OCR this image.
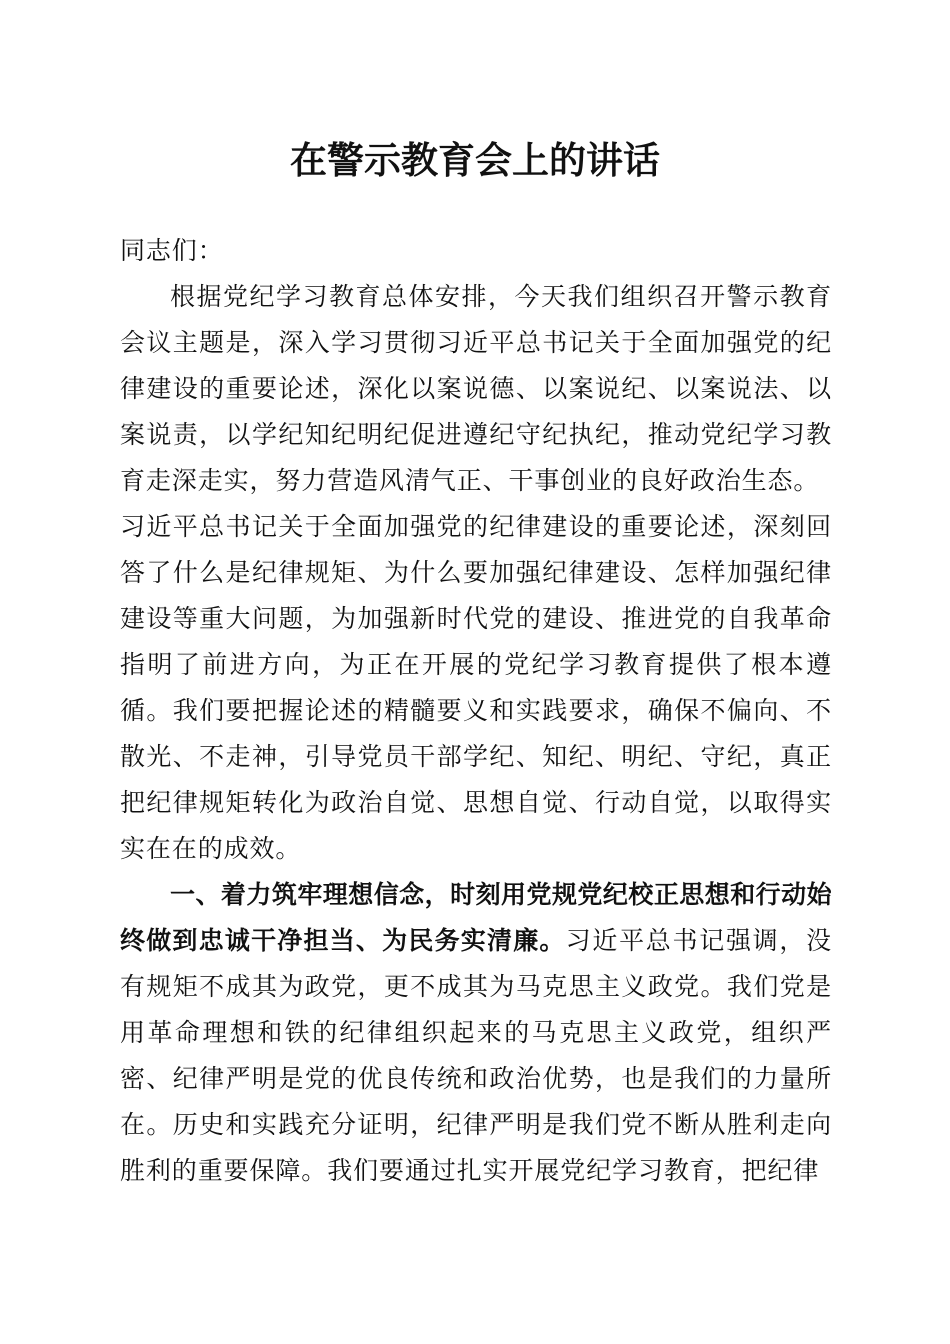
在警示教育会上的讲话

同志们：

根据党纪学习教育总体安排，今天我们组织召开警示教育会议主题是，深入学习贯彻习近平总书记关于全面加强党的纪律建设的重要论述，深化以案说德、以案说纪、以案说法、以案说责，以学纪知纪明纪促进遵纪守纪执纪，推动党纪学习教育走深走实，努力营造风清气正、干事创业的良好政治生态。

习近平总书记关于全面加强党的纪律建设的重要论述，深刻回答了什么是纪律规矩、为什么要加强纪律建设、怎样加强纪律建设等重大问题，为加强新时代党的建设、推进党的自我革命指明了前进方向，为正在开展的党纪学习教育提供了根本遵循。我们要把握论述的精髓要义和实践要求，确保不偏向、不散光、不走神，引导党员干部学纪、知纪、明纪、守纪，真正把纪律规矩转化为政治自觉、思想自觉、行动自觉，以取得实实在在的成效。

一、着力筑牢理想信念，时刻用党规党纪校正思想和行动始终做到忠诚干净担当、为民务实清廉。习近平总书记强调，没有规矩不成其为政党，更不成其为马克思主义政党。我们党是用革命理想和铁的纪律组织起来的马克思主义政党，组织严密、纪律严明是党的优良传统和政治优势，也是我们的力量所在。历史和实践充分证明，纪律严明是我们党不断从胜利走向胜利的重要保障。我们要通过扎实开展党纪学习教育，把纪律
